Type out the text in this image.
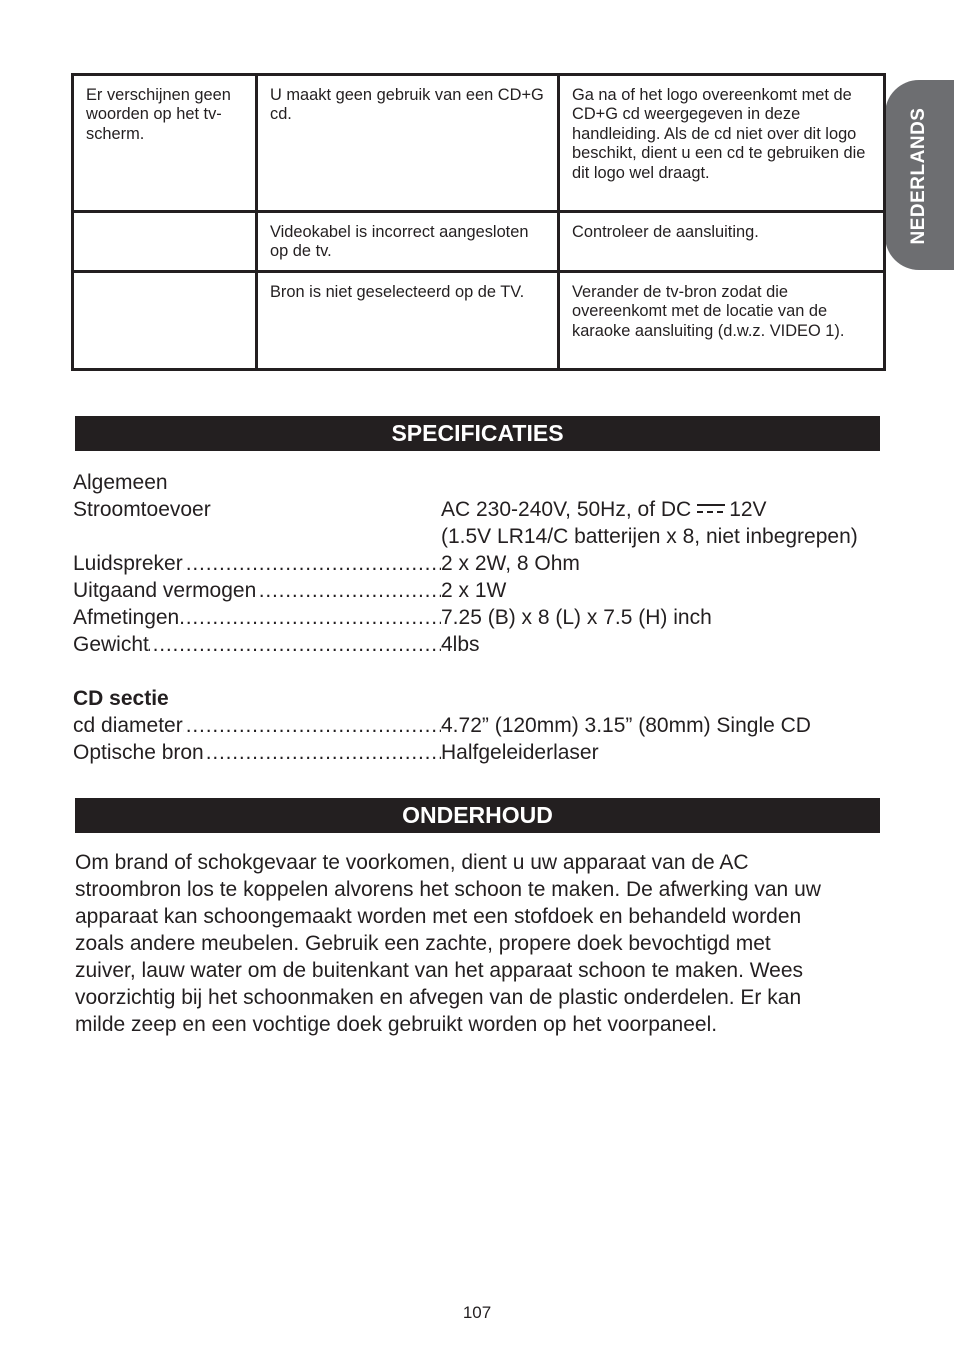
NEDERLANDS
Er verschijnen geen woorden op het tv-scherm.	U maakt geen gebruik van een CD+G cd.	Ga na of het logo overeenkomt met de CD+G cd weergegeven in deze handleiding. Als de cd niet over dit logo beschikt, dient u een cd te gebruiken die dit logo wel draagt.
	Videokabel is incorrect aangesloten op de tv.	Controleer de aansluiting.
	Bron is niet geselecteerd op de TV.	Verander de tv-bron zodat die overeenkomt met de locatie van de karaoke aansluiting (d.w.z. VIDEO 1).
SPECIFICATIES
Algemeen
Stroomtoevoer	AC 230-240V, 50Hz, of DC 12V
(1.5V LR14/C batterijen x 8, niet inbegrepen)
.....
Luidspreker	2 x 2W, 8 Ohm
.....
Uitgaand vermogen	2 x 1W
.....
Afmetingen	7.25 (B) x 8 (L) x 7.5 (H) inch
.....
Gewicht	4lbs
CD sectie
.....
cd diameter	4.72” (120mm) 3.15” (80mm) Single CD
.....
Optische bron	Halfgeleiderlaser
ONDERHOUD
Om brand of schokgevaar te voorkomen, dient u uw apparaat van de AC
stroombron los te koppelen alvorens het schoon te maken. De afwerking van uw
apparaat kan schoongemaakt worden met een stofdoek en behandeld worden
zoals andere meubelen. Gebruik een zachte, propere doek bevochtigd met
zuiver, lauw water om de buitenkant van het apparaat schoon te maken. Wees
voorzichtig bij het schoonmaken en afvegen van de plastic onderdelen. Er kan
milde zeep en een vochtige doek gebruikt worden op het voorpaneel.
107
